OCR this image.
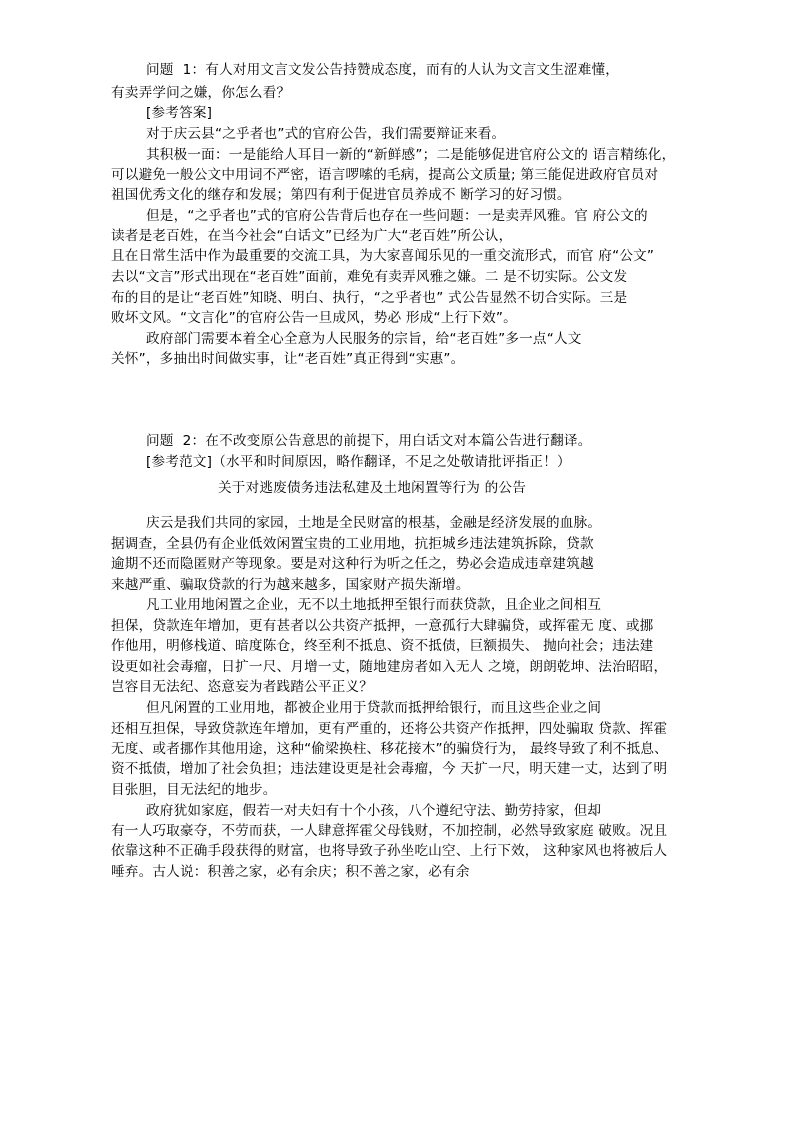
问题  1：有人对用文言文发公告持赞成态度，而有的人认为文言文生涩难懂，
有卖弄学问之嫌，你怎么看？
[参考答案]
对于庆云县“之乎者也”式的官府公告，我们需要辩证来看。
其积极一面：一是能给人耳目一新的“新鲜感”；二是能够促进官府公文的 语言精练化，
可以避免一般公文中用词不严密，语言啰嗦的毛病，提高公文质量; 第三能促进政府官员对
祖国优秀文化的继存和发展；第四有利于促进官员养成不 断学习的好习惯。
但是，“之乎者也”式的官府公告背后也存在一些问题：一是卖弄风雅。官 府公文的
读者是老百姓，在当今社会“白话文”已经为广大“老百姓”所公认，
且在日常生活中作为最重要的交流工具，为大家喜闻乐见的一重交流形式，而官 府“公文”
去以“文言”形式出现在“老百姓”面前，难免有卖弄风雅之嫌。二 是不切实际。公文发
布的目的是让“老百姓”知晓、明白、执行，“之乎者也” 式公告显然不切合实际。三是
败坏文风。“文言化”的官府公告一旦成风，势必 形成“上行下效”。
政府部门需要本着全心全意为人民服务的宗旨，给“老百姓”多一点“人文
关怀”，多抽出时间做实事，让“老百姓”真正得到“实惠”。
问题  2：在不改变原公告意思的前提下，用白话文对本篇公告进行翻译。
[参考范文]（水平和时间原因，略作翻译，不足之处敬请批评指正！）
关于对逃废债务违法私建及土地闲置等行为 的公告
庆云是我们共同的家园，土地是全民财富的根基，金融是经济发展的血脉。
据调查，全县仍有企业低效闲置宝贵的工业用地，抗拒城乡违法建筑拆除，贷款
逾期不还而隐匿财产等现象。要是对这种行为听之任之，势必会造成违章建筑越
来越严重、骗取贷款的行为越来越多，国家财产损失渐增。
凡工业用地闲置之企业，无不以土地抵押至银行而获贷款，且企业之间相互
担保，贷款连年增加，更有甚者以公共资产抵押，一意孤行大肆骗贷，或挥霍无 度、或挪
作他用，明修栈道、暗度陈仓，终至利不抵息、资不抵债，巨额损失、 抛向社会；违法建
设更如社会毒瘤，日扩一尺、月增一丈，随地建房者如入无人 之境，朗朗乾坤、法治昭昭，
岂容目无法纪、恣意妄为者践踏公平正义？
但凡闲置的工业用地，都被企业用于贷款而抵押给银行，而且这些企业之间
还相互担保，导致贷款连年增加，更有严重的，还将公共资产作抵押，四处骗取 贷款、挥霍
无度、或者挪作其他用途，这种“偷梁换柱、移花接木”的骗贷行为， 最终导致了利不抵息、
资不抵债，增加了社会负担；违法建设更是社会毒瘤，今 天扩一尺，明天建一丈，达到了明
目张胆，目无法纪的地步。
政府犹如家庭，假若一对夫妇有十个小孩，八个遵纪守法、勤劳持家，但却
有一人巧取豪夺，不劳而获，一人肆意挥霍父母钱财，不加控制，必然导致家庭 破败。况且
依靠这种不正确手段获得的财富，也将导致子孙坐吃山空、上行下效， 这种家风也将被后人
唾弃。古人说：积善之家，必有余庆；积不善之家，必有余
